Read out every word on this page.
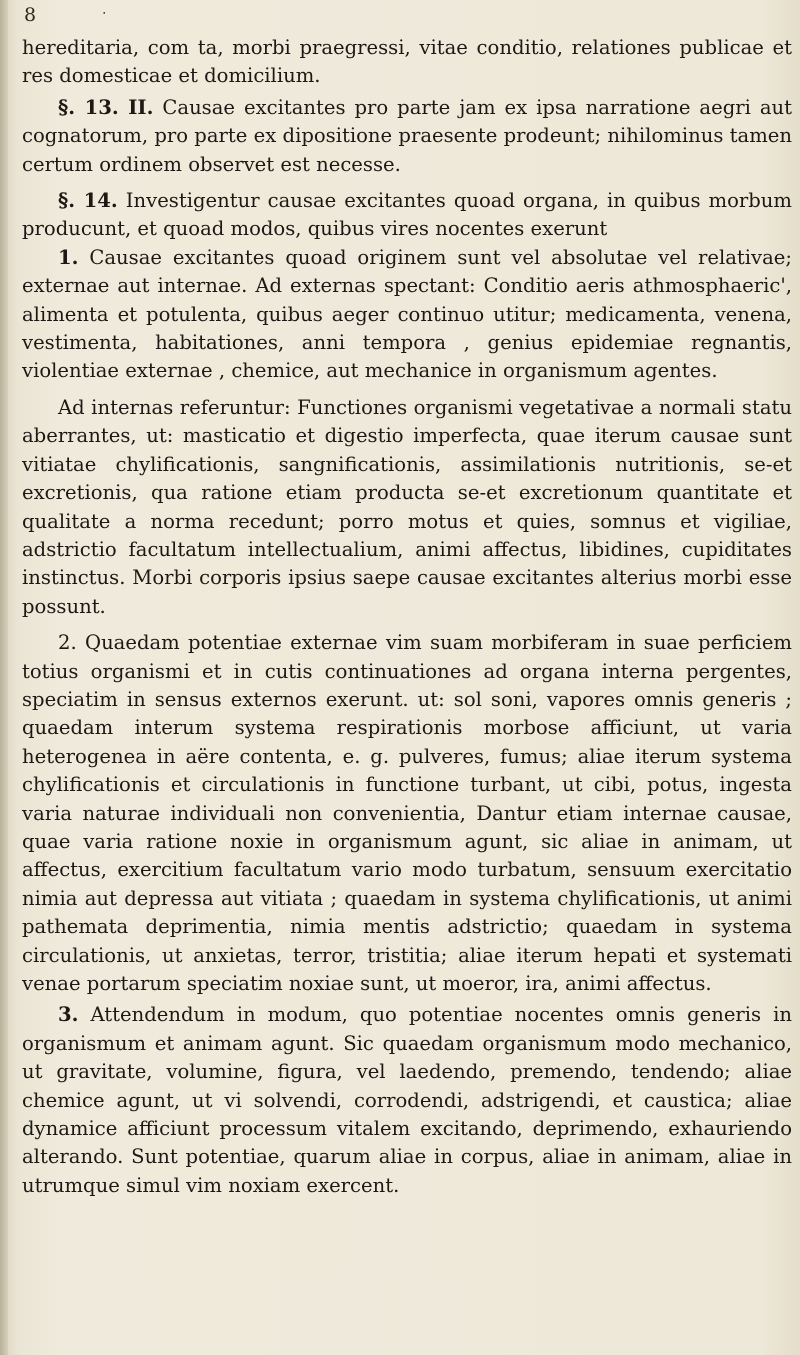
8	‧

hereditaria, com ta, morbi praegressi, vitae conditio, relationes publicae et res domesticae et domicilium.

§. 13. II. Causae excitantes pro parte jam ex ipsa narratione aegri aut cognatorum, pro parte ex dipositione praesente prodeunt; nihilominus tamen certum ordinem observet est necesse.

§. 14. Investigentur causae excitantes quoad organa, in quibus morbum producunt, et quoad modos, quibus vires nocentes exerunt

1. Causae excitantes quoad originem sunt vel absolutae vel relativae; externae aut internae. Ad externas spectant: Conditio aeris athmosphaeric', alimenta et potulenta, quibus aeger continuo utitur; medicamenta, venena, vestimenta, habitationes, anni tempora , genius epidemiae regnantis, violentiae externae , chemice, aut mechanice in organismum agentes.

Ad internas referuntur: Functiones organismi vegetativae a normali statu aberrantes, ut: masticatio et digestio imperfecta, quae iterum causae sunt vitiatae chylificationis, sangnificationis, assimilationis nutritionis, se-et excretionis, qua ratione etiam producta se-et excretionum quantitate et qualitate a norma recedunt; porro motus et quies, somnus et vigiliae, adstrictio facultatum intellectualium, animi affectus, libidines, cupiditates instinctus. Morbi corporis ipsius saepe causae excitantes alterius morbi esse possunt.

2. Quaedam potentiae externae vim suam morbiferam in suae perficiem totius organismi et in cutis continuationes ad organa interna pergentes, speciatim in sensus externos exerunt. ut: sol soni, vapores omnis generis ; quaedam interum systema respirationis morbose afficiunt, ut varia heterogenea in aëre contenta, e. g. pulveres, fumus; aliae iterum systema chylificationis et circulationis in functione turbant, ut cibi, potus, ingesta varia naturae individuali non convenientia, Dantur etiam internae causae, quae varia ratione noxie in organismum agunt, sic aliae in animam, ut affectus, exercitium facultatum vario modo turbatum, sensuum exercitatio nimia aut depressa aut vitiata ; quaedam in systema chylificationis, ut animi pathemata deprimentia, nimia mentis adstrictio; quaedam in systema circulationis, ut anxietas, terror, tristitia; aliae iterum hepati et systemati venae portarum speciatim noxiae sunt, ut moeror, ira, animi affectus.

3. Attendendum in modum, quo potentiae nocentes omnis generis in organismum et animam agunt. Sic quaedam organismum modo mechanico, ut gravitate, volumine, figura, vel laedendo, premendo, tendendo; aliae chemice agunt, ut vi solvendi, corrodendi, adstrigendi, et caustica; aliae dynamice afficiunt processum vitalem excitando, deprimendo, exhauriendo alterando. Sunt potentiae, quarum aliae in corpus, aliae in animam, aliae in utrumque simul vim noxiam exercent.
